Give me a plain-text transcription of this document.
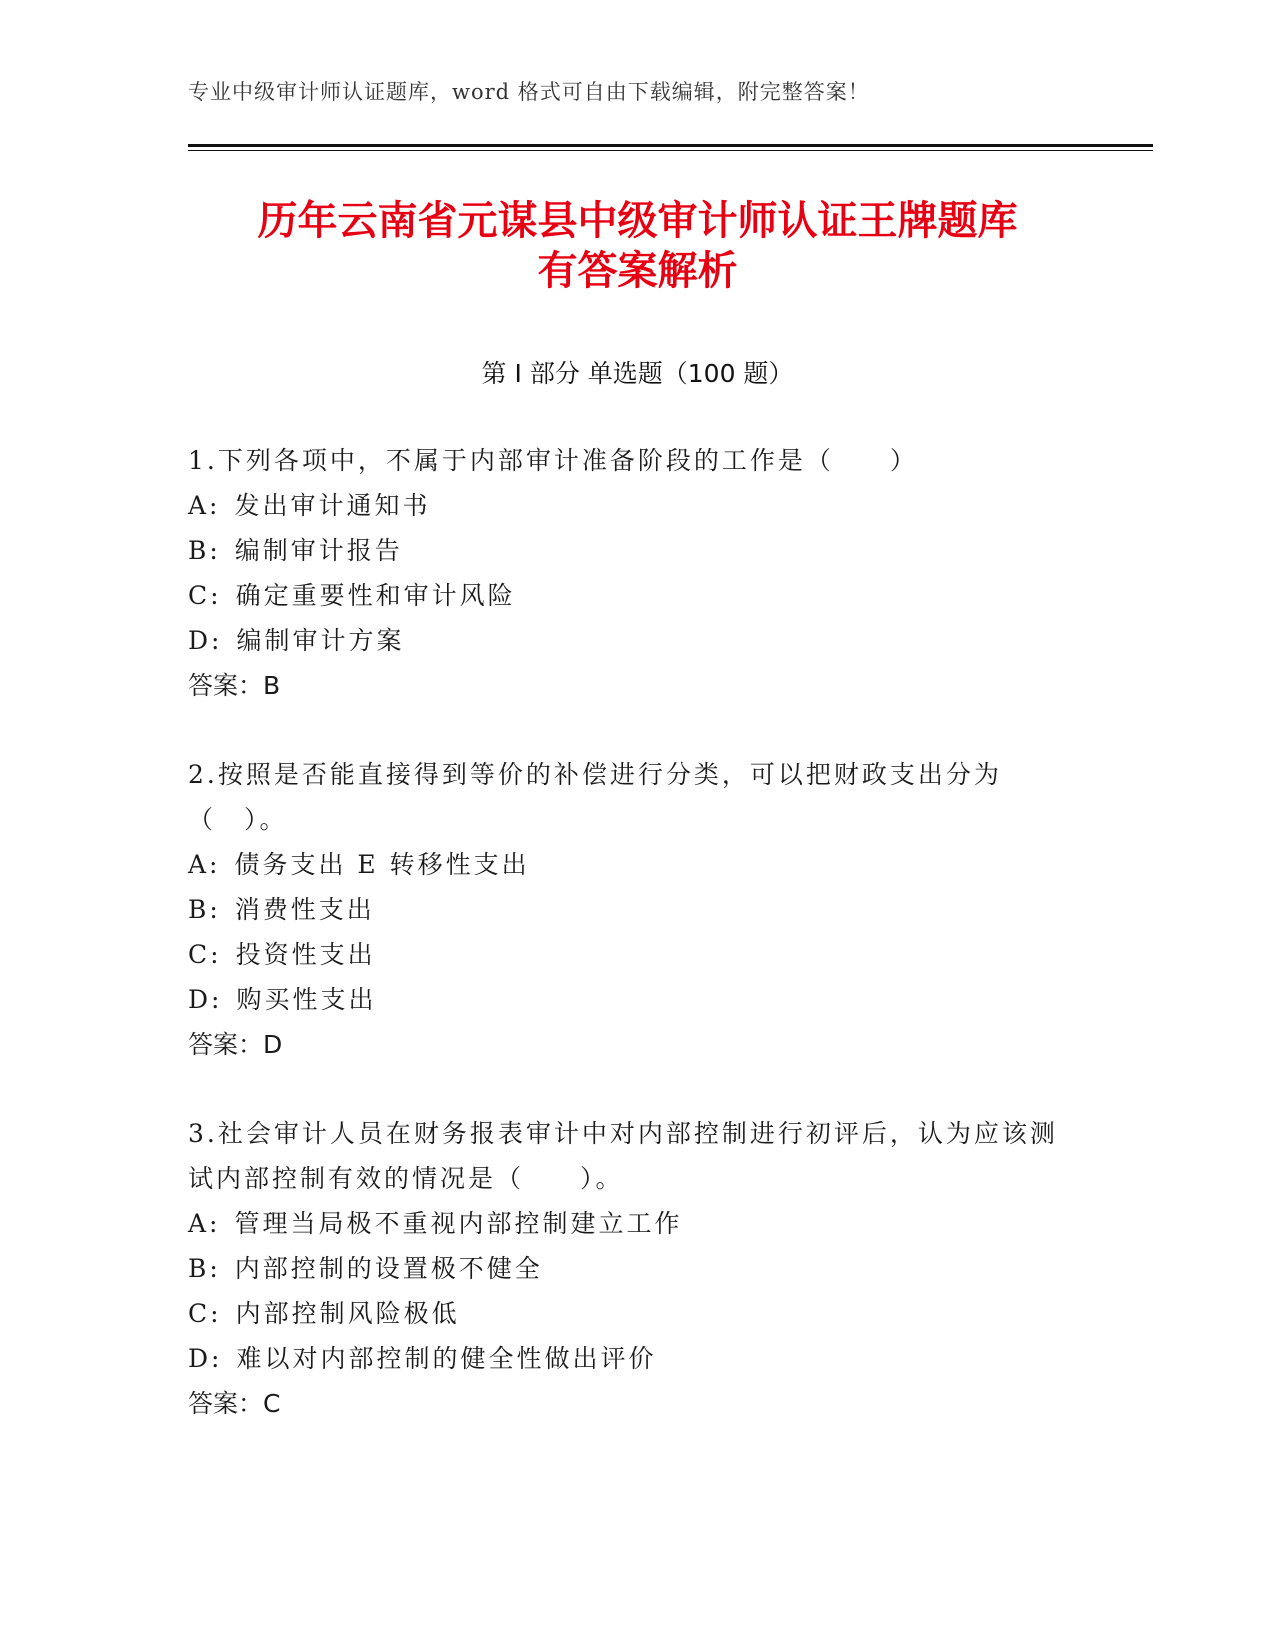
专业中级审计师认证题库，word 格式可自由下载编辑，附完整答案！
历年云南省元谋县中级审计师认证王牌题库
有答案解析
第 I 部分 单选题（100 题）

1.下列各项中，不属于内部审计准备阶段的工作是（　　）

A: 发出审计通知书

B: 编制审计报告

C: 确定重要性和审计风险

D: 编制审计方案

答案：B

2.按照是否能直接得到等价的补偿进行分类，可以把财政支出分为（　）。

A: 债务支出 E 转移性支出

B: 消费性支出

C: 投资性支出

D: 购买性支出

答案：D

3.社会审计人员在财务报表审计中对内部控制进行初评后，认为应该测试内部控制有效的情况是（　　）。

A: 管理当局极不重视内部控制建立工作

B: 内部控制的设置极不健全

C: 内部控制风险极低

D: 难以对内部控制的健全性做出评价

答案：C
